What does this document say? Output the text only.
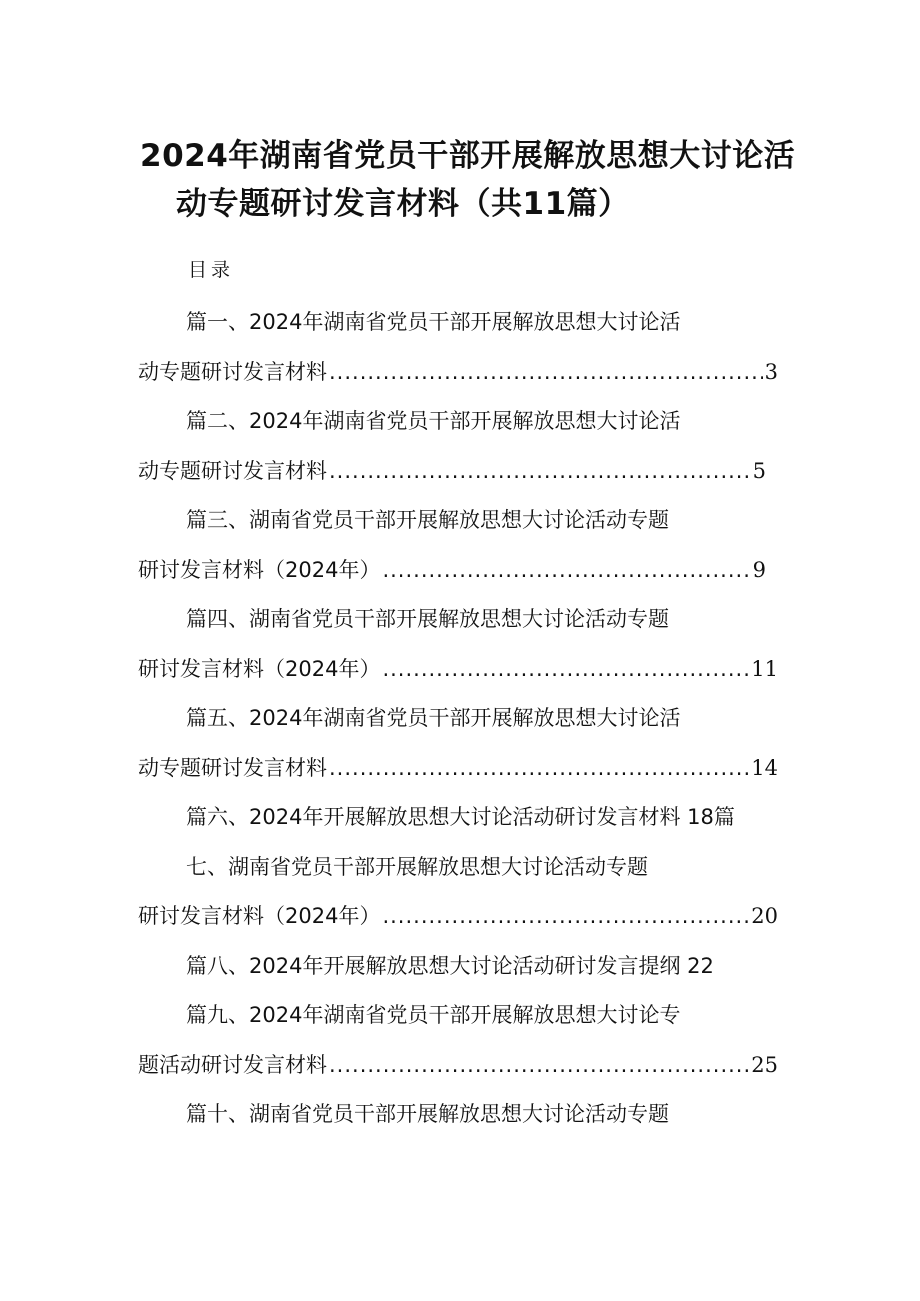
2024年湖南省党员干部开展解放思想大讨论活
动专题研讨发言材料（共11篇）
目录
篇一、2024年湖南省党员干部开展解放思想大讨论活
动专题研讨发言材料 .....	3
篇二、2024年湖南省党员干部开展解放思想大讨论活
动专题研讨发言材料 .....	5
篇三、湖南省党员干部开展解放思想大讨论活动专题
研讨发言材料（2024年） .....	9
篇四、湖南省党员干部开展解放思想大讨论活动专题
研讨发言材料（2024年） .....	11
篇五、2024年湖南省党员干部开展解放思想大讨论活
动专题研讨发言材料 .....	14
篇六、2024年开展解放思想大讨论活动研讨发言材料 18篇
七、湖南省党员干部开展解放思想大讨论活动专题
研讨发言材料（2024年） .....	20
篇八、2024年开展解放思想大讨论活动研讨发言提纲 22
篇九、2024年湖南省党员干部开展解放思想大讨论专
题活动研讨发言材料 .....	25
篇十、湖南省党员干部开展解放思想大讨论活动专题
